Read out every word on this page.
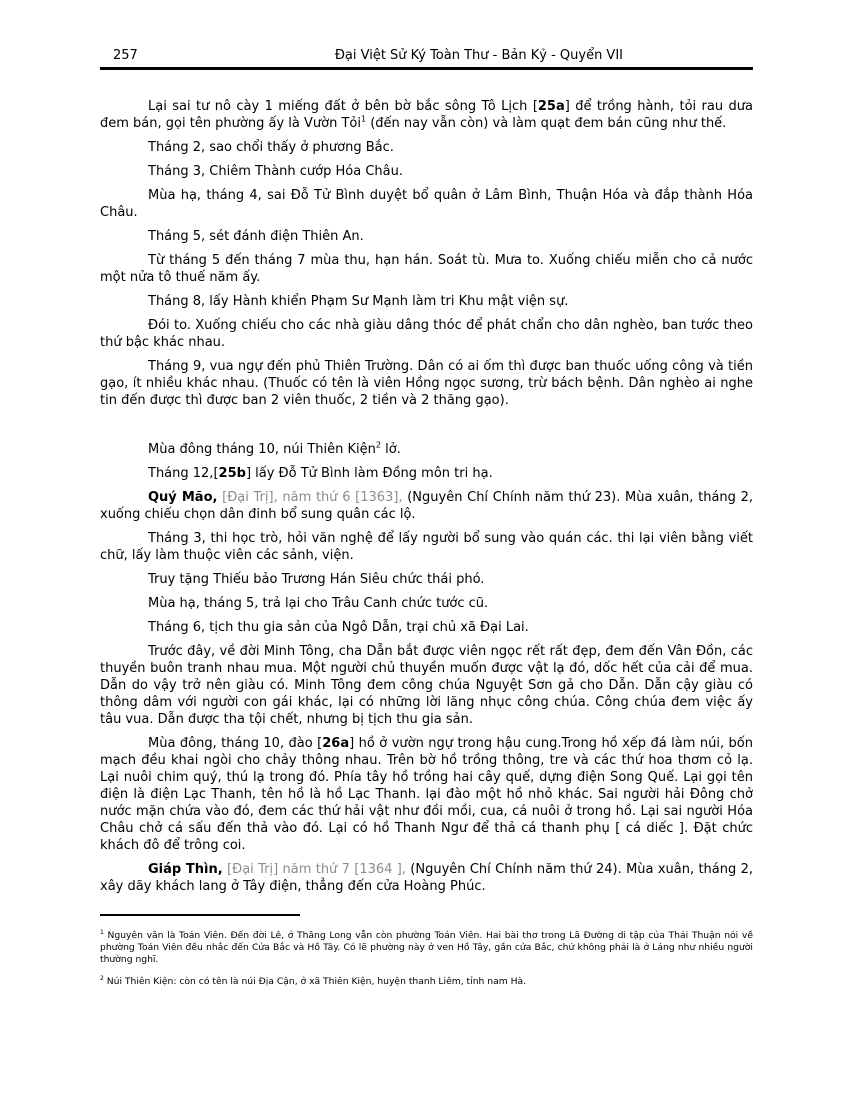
257	Đại Việt Sử Ký Toàn Thư - Bản Kỷ - Quyển VII

Lại sai tư nô cày 1 miếng đất ở bên bờ bắc sông Tô Lịch [25a] để trồng hành, tỏi rau dưa đem bán, gọi tên phường ấy là Vườn Tỏi$^1$ (đến nay vẫn còn) và làm quạt đem bán cũng như thế.

Tháng 2, sao chổi thấy ở phương Bắc.

Tháng 3, Chiêm Thành cướp Hóa Châu.

Mùa hạ, tháng 4, sai Đỗ Tử Bình duyệt bổ quân ở Lâm Bình, Thuận Hóa và đắp thành Hóa Châu.

Tháng 5, sét đánh điện Thiên An.

Từ tháng 5 đến tháng 7 mùa thu, hạn hán. Soát tù. Mưa to. Xuống chiếu miễn cho cả nước một nửa tô thuế năm ấy.

Tháng 8, lấy Hành khiển Phạm Sư Mạnh làm tri Khu mật viện sự.

Đói to. Xuống chiếu cho các nhà giàu dâng thóc để phát chẩn cho dân nghèo, ban tước theo thứ bậc khác nhau.

Tháng 9, vua ngự đến phủ Thiên Trường. Dân có ai ốm thì được ban thuốc uống công và tiền gạo, ít nhiều khác nhau. (Thuốc có tên là viên Hồng ngọc sương, trừ bách bệnh. Dân nghèo ai nghe tin đến được thì được ban 2 viên thuốc, 2 tiền và 2 thăng gạo).

Mùa đông tháng 10, núi Thiên Kiện$^2$ lở.

Tháng 12,[25b] lấy Đỗ Tử Bình làm Đồng môn tri hạ.

Quý Mão, [Đại Trị], năm thứ 6 [1363], (Nguyên Chí Chính năm thứ 23). Mùa xuân, tháng 2, xuống chiếu chọn dân đinh bổ sung quân các lộ.

Tháng 3, thi học trò, hỏi văn nghệ để lấy người bổ sung vào quán các. thi lại viên bằng viết chữ, lấy làm thuộc viên các sảnh, viện.

Truy tặng Thiếu bảo Trương Hán Siêu chức thái phó.

Mùa hạ, tháng 5, trả lại cho Trâu Canh chức tước cũ.

Tháng 6, tịch thu gia sản của Ngô Dẫn, trại chủ xã Đại Lai.

Trước đây, về đời Minh Tông, cha Dẫn bắt được viên ngọc rết rất đẹp, đem đến Vân Đồn, các thuyền buôn tranh nhau mua. Một người chủ thuyền muốn được vật lạ đó, dốc hết của cải để mua. Dẫn do vậy trở nên giàu có. Minh Tông đem công chúa Nguyệt Sơn gả cho Dẫn. Dẫn cậy giàu có thông dâm với người con gái khác, lại có những lời lăng nhục công chúa. Công chúa đem việc ấy tâu vua. Dẫn được tha tội chết, nhưng bị tịch thu gia sản.

Mùa đông, tháng 10, đào [26a] hồ ở vườn ngự trong hậu cung.Trong hồ xếp đá làm núi, bốn mạch đều khai ngòi cho chảy thông nhau. Trên bờ hồ trồng thông, tre và các thứ hoa thơm cỏ lạ. Lại nuôi chim quý, thú lạ trong đó. Phía tây hồ trồng hai cây quế, dựng điện Song Quế. Lại gọi tên điện là điện Lạc Thanh, tên hồ là hồ Lạc Thanh. lại đào một hồ nhỏ khác. Sai người hải Đông chở nước mặn chứa vào đó, đem các thứ hải vật như đồi mồi, cua, cá nuôi ở trong hồ. Lại sai người Hóa Châu chở cá sấu đến thả vào đó. Lại có hồ Thanh Ngư để thả cá thanh phụ [ cá diếc ]. Đặt chức khách đô để trông coi.

Giáp Thìn, [Đại Trị] năm thứ 7 [1364 ], (Nguyên Chí Chính năm thứ 24). Mùa xuân, tháng 2, xây dãy khách lang ở Tây điện, thẳng đến cửa Hoàng Phúc.

$^1$ Nguyên văn là Toán Viên. Đến đời Lê, ở Thăng Long vẫn còn phường Toán Viên. Hai bài thơ trong Lã Đường di tập của Thái Thuận nói về phường Toán Viên đều nhắc đến Cửa Bắc và Hồ Tây. Có lẽ phường này ở ven Hồ Tây, gần cửa Bắc, chứ không phải là ở Láng như nhiều người thường nghĩ.

$^2$ Núi Thiên Kiện: còn có tên là núi Địa Cận, ở xã Thiên Kiện, huyện thanh Liêm, tỉnh nam Hà.
